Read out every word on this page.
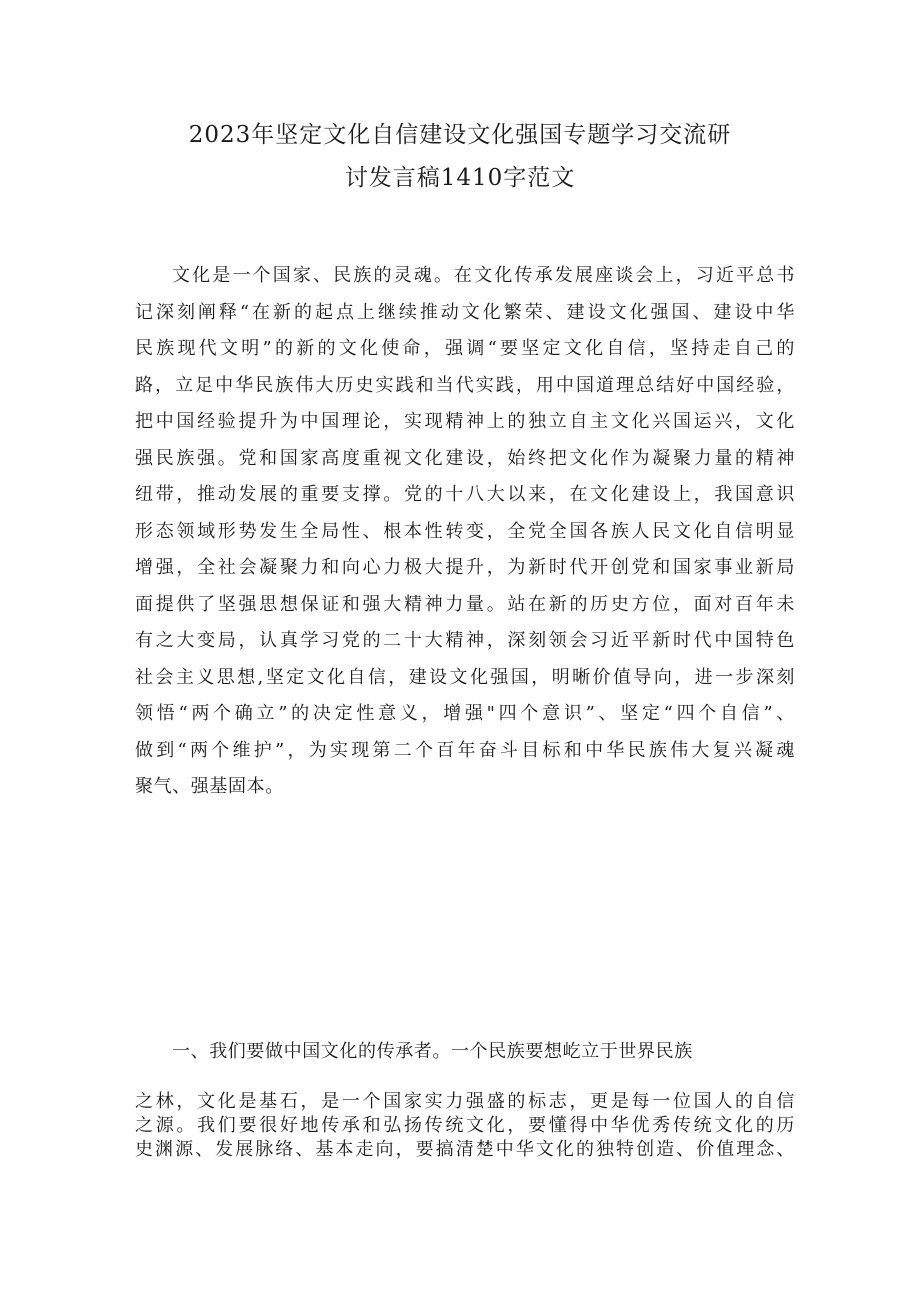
2023年坚定文化自信建设文化强国专题学习交流研
讨发言稿1410字范文
文化是一个国家、民族的灵魂。在文化传承发展座谈会上，习近平总书
记深刻阐释“在新的起点上继续推动文化繁荣、建设文化强国、建设中华
民族现代文明”的新的文化使命，强调“要坚定文化自信，坚持走自己的
路，立足中华民族伟大历史实践和当代实践，用中国道理总结好中国经验，
把中国经验提升为中国理论，实现精神上的独立自主文化兴国运兴，文化
强民族强。党和国家高度重视文化建设，始终把文化作为凝聚力量的精神
纽带，推动发展的重要支撑。党的十八大以来，在文化建设上，我国意识
形态领域形势发生全局性、根本性转变，全党全国各族人民文化自信明显
增强，全社会凝聚力和向心力极大提升，为新时代开创党和国家事业新局
面提供了坚强思想保证和强大精神力量。站在新的历史方位，面对百年未
有之大变局，认真学习党的二十大精神，深刻领会习近平新时代中国特色
社会主义思想,坚定文化自信，建设文化强国，明晰价值导向，进一步深刻
领悟“两个确立”的决定性意义，增强"四个意识”、坚定“四个自信”、
做到“两个维护”，为实现第二个百年奋斗目标和中华民族伟大复兴凝魂
聚气、强基固本。
一、我们要做中国文化的传承者。一个民族要想屹立于世界民族
之林，文化是基石，是一个国家实力强盛的标志，更是每一位国人的自信
之源。我们要很好地传承和弘扬传统文化，要懂得中华优秀传统文化的历
史渊源、发展脉络、基本走向，要搞清楚中华文化的独特创造、价值理念、
